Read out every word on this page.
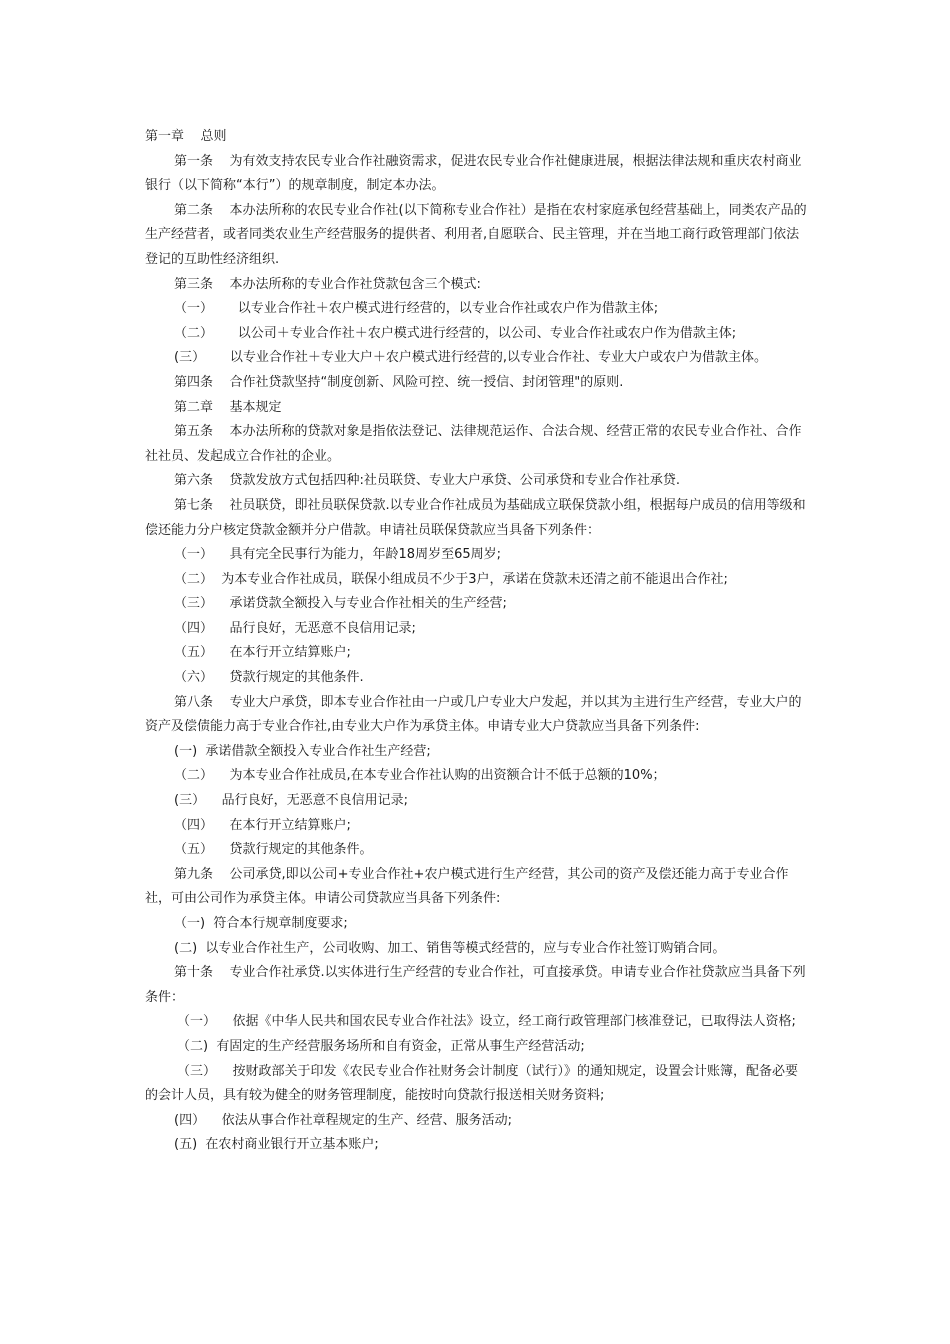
第一章    总则

第一条    为有效支持农民专业合作社融资需求，促进农民专业合作社健康进展，根据法律法规和重庆农村商业银行（以下简称“本行”）的规章制度，制定本办法。

第二条    本办法所称的农民专业合作社(以下简称专业合作社）是指在农村家庭承包经营基础上，同类农产品的生产经营者，或者同类农业生产经营服务的提供者、利用者,自愿联合、民主管理，并在当地工商行政管理部门依法登记的互助性经济组织.

第三条    本办法所称的专业合作社贷款包含三个模式:

（一）      以专业合作社＋农户模式进行经营的，以专业合作社或农户作为借款主体;

（二）      以公司＋专业合作社＋农户模式进行经营的，以公司、专业合作社或农户作为借款主体;

(三）      以专业合作社＋专业大户＋农户模式进行经营的,以专业合作社、专业大户或农户为借款主体。

第四条    合作社贷款坚持“制度创新、风险可控、统一授信、封闭管理"的原则.

第二章    基本规定

第五条    本办法所称的贷款对象是指依法登记、法律规范运作、合法合规、经营正常的农民专业合作社、合作社社员、发起成立合作社的企业。

第六条    贷款发放方式包括四种:社员联贷、专业大户承贷、公司承贷和专业合作社承贷.

第七条    社员联贷，即社员联保贷款.以专业合作社成员为基础成立联保贷款小组，根据每户成员的信用等级和偿还能力分户核定贷款金额并分户借款。申请社员联保贷款应当具备下列条件：

（一）    具有完全民事行为能力，年龄18周岁至65周岁;

（二）  为本专业合作社成员，联保小组成员不少于3户，承诺在贷款未还清之前不能退出合作社;

（三）    承诺贷款全额投入与专业合作社相关的生产经营;

（四）    品行良好，无恶意不良信用记录;

（五）    在本行开立结算账户;

（六）    贷款行规定的其他条件.

第八条    专业大户承贷，即本专业合作社由一户或几户专业大户发起，并以其为主进行生产经营，专业大户的资产及偿债能力高于专业合作社,由专业大户作为承贷主体。申请专业大户贷款应当具备下列条件:

(一)  承诺借款全额投入专业合作社生产经营;

（二）    为本专业合作社成员,在本专业合作社认购的出资额合计不低于总额的10%；

(三）    品行良好，无恶意不良信用记录;

（四）    在本行开立结算账户;

（五）    贷款行规定的其他条件。

第九条    公司承贷,即以公司+专业合作社+农户模式进行生产经营，其公司的资产及偿还能力高于专业合作社，可由公司作为承贷主体。申请公司贷款应当具备下列条件:

（一)  符合本行规章制度要求;

(二)  以专业合作社生产，公司收购、加工、销售等模式经营的，应与专业合作社签订购销合同。

第十条    专业合作社承贷.以实体进行生产经营的专业合作社，可直接承贷。申请专业合作社贷款应当具备下列条件：

（一）    依据《中华人民共和国农民专业合作社法》设立，经工商行政管理部门核准登记，已取得法人资格;

（二)  有固定的生产经营服务场所和自有资金，正常从事生产经营活动;

（三）    按财政部关于印发《农民专业合作社财务会计制度（试行）》的通知规定，设置会计账簿，配备必要的会计人员，具有较为健全的财务管理制度，能按时向贷款行报送相关财务资料;

(四）    依法从事合作社章程规定的生产、经营、服务活动;

(五)  在农村商业银行开立基本账户;
